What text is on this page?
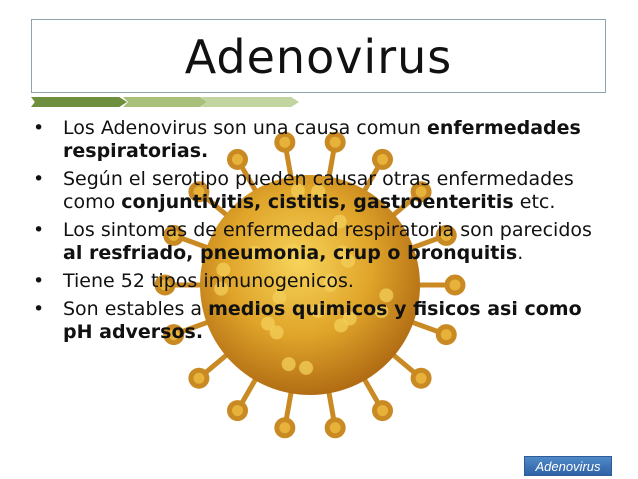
Adenovirus
• Los Adenovirus son una causa comun enfermedades respiratorias.
• Según el serotipo pueden causar otras enfermedades como conjuntivitis, cistitis, gastroenteritis etc.
• Los sintomas de enfermedad respiratoria son parecidos al resfriado, pneumonia, crup o bronquitis.
• Tiene 52 tipos inmunogenicos.
• Son estables a medios quimicos y fisicos asi como pH adversos.
Adenovirus
